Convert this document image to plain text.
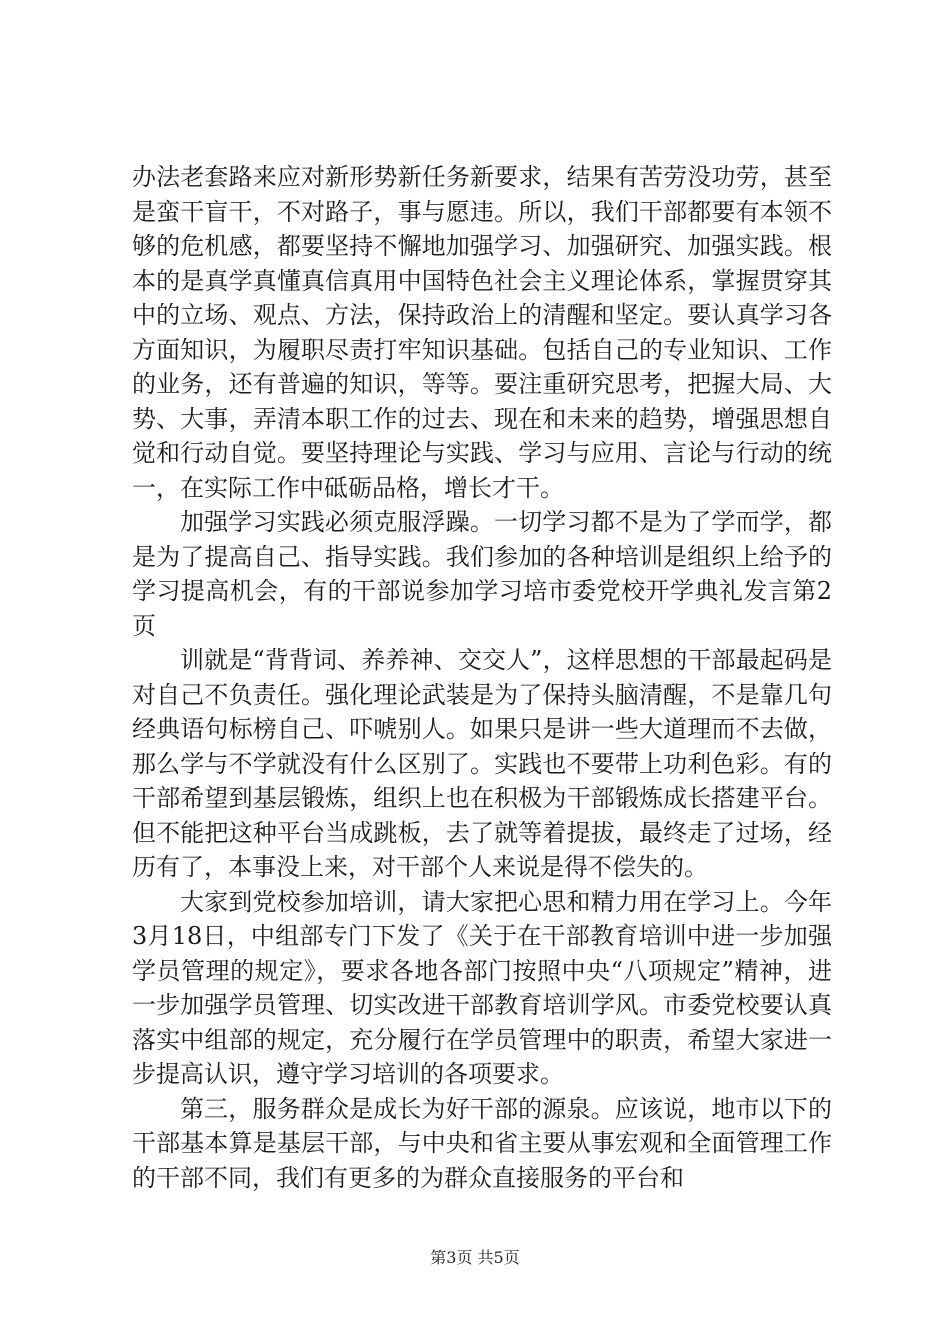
办法老套路来应对新形势新任务新要求，结果有苦劳没功劳，甚至是蛮干盲干，不对路子，事与愿违。所以，我们干部都要有本领不够的危机感，都要坚持不懈地加强学习、加强研究、加强实践。根本的是真学真懂真信真用中国特色社会主义理论体系，掌握贯穿其中的立场、观点、方法，保持政治上的清醒和坚定。要认真学习各方面知识，为履职尽责打牢知识基础。包括自己的专业知识、工作的业务，还有普遍的知识，等等。要注重研究思考，把握大局、大势、大事，弄清本职工作的过去、现在和未来的趋势，增强思想自觉和行动自觉。要坚持理论与实践、学习与应用、言论与行动的统一，在实际工作中砥砺品格，增长才干。

加强学习实践必须克服浮躁。一切学习都不是为了学而学，都是为了提高自己、指导实践。我们参加的各种培训是组织上给予的学习提高机会，有的干部说参加学习培市委党校开学典礼发言第2页

训就是“背背词、养养神、交交人”，这样思想的干部最起码是对自己不负责任。强化理论武装是为了保持头脑清醒，不是靠几句经典语句标榜自己、吓唬别人。如果只是讲一些大道理而不去做，那么学与不学就没有什么区别了。实践也不要带上功利色彩。有的干部希望到基层锻炼，组织上也在积极为干部锻炼成长搭建平台。但不能把这种平台当成跳板，去了就等着提拔，最终走了过场，经历有了，本事没上来，对干部个人来说是得不偿失的。

大家到党校参加培训，请大家把心思和精力用在学习上。今年3月18日，中组部专门下发了《关于在干部教育培训中进一步加强学员管理的规定》，要求各地各部门按照中央“八项规定”精神，进一步加强学员管理、切实改进干部教育培训学风。市委党校要认真落实中组部的规定，充分履行在学员管理中的职责，希望大家进一步提高认识，遵守学习培训的各项要求。

第三，服务群众是成长为好干部的源泉。应该说，地市以下的干部基本算是基层干部，与中央和省主要从事宏观和全面管理工作的干部不同，我们有更多的为群众直接服务的平台和

第3页 共5页
